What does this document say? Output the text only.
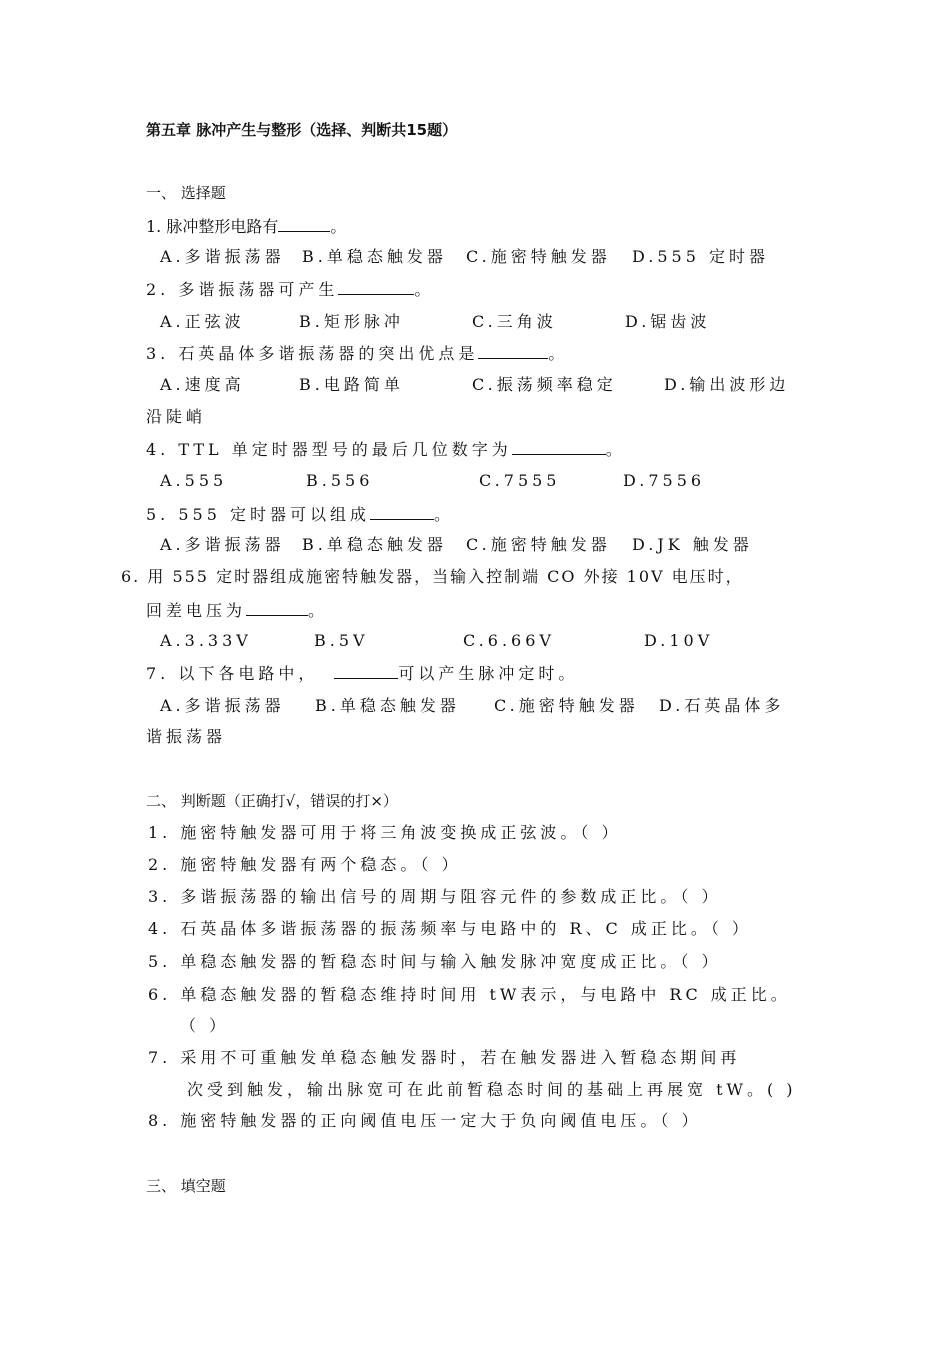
第五章 脉冲产生与整形（选择、判断共15题）
一、 选择题
1. 脉冲整形电路有	。
A.多谐振荡器 B.单稳态触发器 C.施密特触发器 D.555 定时器
2. 多谐振荡器可产生	。
A.正弦波	B.矩形脉冲	C.三角波	D.锯齿波
3. 石英晶体多谐振荡器的突出优点是	。
A.速度高	B.电路简单	C.振荡频率稳定	D.输出波形边
沿陡峭
4. TTL 单定时器型号的最后几位数字为	。
A.555	B.556	C.7555	D.7556
5. 555 定时器可以组成	。
A.多谐振荡器 B.单稳态触发器 C.施密特触发器 D.JK 触发器
6. 用 555 定时器组成施密特触发器，当输入控制端 CO 外接 10V 电压时，
回差电压为	。
A.3.33V	B.5V	C.6.66V	D.10V
7. 以下各电路中，	可以产生脉冲定时。
A.多谐振荡器 B.单稳态触发器 C.施密特触发器 D.石英晶体多
谐振荡器
二、 判断题（正确打√，错误的打×）
1. 施密特触发器可用于将三角波变换成正弦波。（ ）
2. 施密特触发器有两个稳态。（ ）
3. 多谐振荡器的输出信号的周期与阻容元件的参数成正比。（ ）
4. 石英晶体多谐振荡器的振荡频率与电路中的 R、C 成正比。（ ）
5. 单稳态触发器的暂稳态时间与输入触发脉冲宽度成正比。（ ）
6. 单稳态触发器的暂稳态维持时间用 tW表示，与电路中 RC 成正比。
（ ）
7. 采用不可重触发单稳态触发器时，若在触发器进入暂稳态期间再
次受到触发，输出脉宽可在此前暂稳态时间的基础上再展宽 tW。( )
8. 施密特触发器的正向阈值电压一定大于负向阈值电压。（ ）
三、 填空题
